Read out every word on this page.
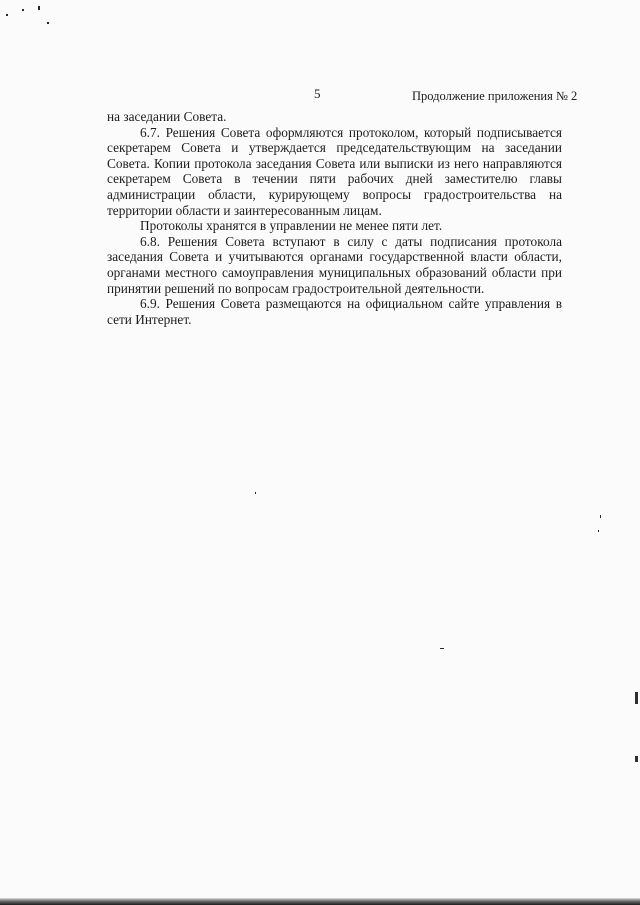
5	Продолжение приложения № 2

на заседании Совета.

6.7. Решения Совета оформляются протоколом, который подписывается секретарем Совета и утверждается председательствующим на заседании Совета. Копии протокола заседания Совета или выписки из него направляются секретарем Совета в течении пяти рабочих дней заместителю главы администрации области, курирующему вопросы градостроительства на территории области и заинтересованным лицам.

Протоколы хранятся в управлении не менее пяти лет.

6.8. Решения Совета вступают в силу с даты подписания протокола заседания Совета и учитываются органами государственной власти области, органами местного самоуправления муниципальных образований области при принятии решений по вопросам градостроительной деятельности.

6.9. Решения Совета размещаются на официальном сайте управления в сети Интернет.
